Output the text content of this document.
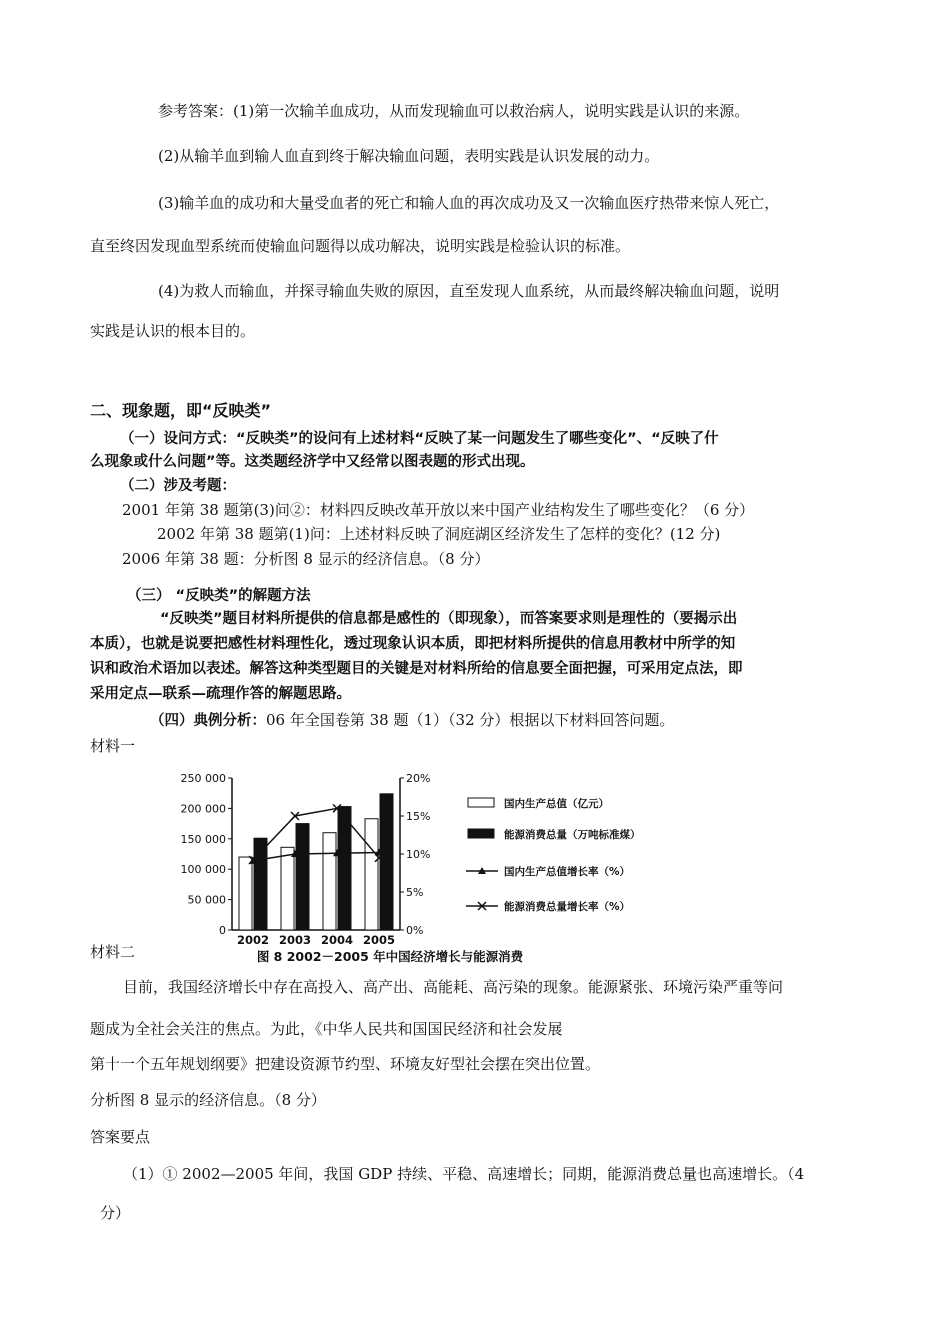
参考答案：(1)第一次输羊血成功，从而发现输血可以救治病人，说明实践是认识的来源。
(2)从输羊血到输人血直到终于解决输血问题，表明实践是认识发展的动力。
(3)输羊血的成功和大量受血者的死亡和输人血的再次成功及又一次输血医疗热带来惊人死亡，
直至终因发现血型系统而使输血问题得以成功解决，说明实践是检验认识的标准。
(4)为救人而输血，并探寻输血失败的原因，直至发现人血系统，从而最终解决输血问题，说明
实践是认识的根本目的。
二、现象题，即“反映类”
（一）设问方式：“反映类”的设问有上述材料“反映了某一问题发生了哪些变化”、“反映了什
么现象或什么问题”等。这类题经济学中又经常以图表题的形式出现。
（二）涉及考题：
2001 年第 38 题第(3)问②：材料四反映改革开放以来中国产业结构发生了哪些变化？（6 分）
2002 年第 38 题第(1)问：上述材料反映了洞庭湖区经济发生了怎样的变化？(12 分)
2006 年第 38 题：分析图 8 显示的经济信息。（8 分）
（三） “反映类”的解题方法
“反映类”题目材料所提供的信息都是感性的（即现象），而答案要求则是理性的（要揭示出
本质），也就是说要把感性材料理性化，透过现象认识本质，即把材料所提供的信息用教材中所学的知
识和政治术语加以表述。解答这种类型题目的关键是对材料所给的信息要全面把握，可采用定点法，即
采用定点—联系—疏理作答的解题思路。
（四）典例分析：06 年全国卷第 38 题（1）（32 分）根据以下材料回答问题。
材料一
250 000
200 000
150 000
100 000
50 000
0
20%
15%
10%
5%
0%
2002 2003 2004 2005
国内生产总值（亿元）
能源消费总量（万吨标准煤）
国内生产总值增长率（%）
能源消费总量增长率（%）
图 8 2002－2005 年中国经济增长与能源消费
材料二
目前，我国经济增长中存在高投入、高产出、高能耗、高污染的现象。能源紧张、环境污染严重等问
题成为全社会关注的焦点。为此，《中华人民共和国国民经济和社会发展
第十一个五年规划纲要》把建设资源节约型、环境友好型社会摆在突出位置。
分析图 8 显示的经济信息。（8 分）
答案要点
（1）① 2002—2005 年间，我国 GDP 持续、平稳、高速增长；同期，能源消费总量也高速增长。（4
分）
